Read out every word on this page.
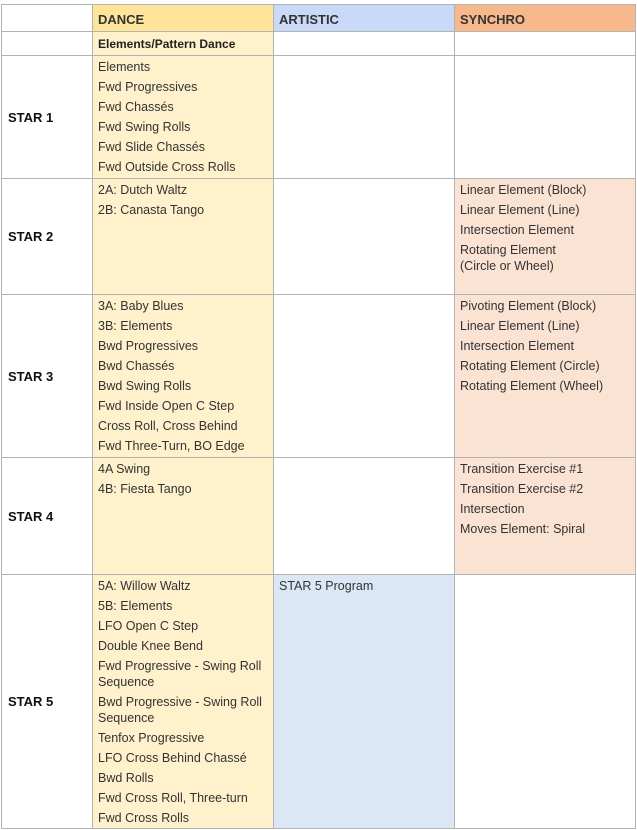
DANCE	ARTISTIC	SYNCHRO
Elements/Pattern Dance
STAR 1
Elements
Fwd Progressives
Fwd Chassés
Fwd Swing Rolls
Fwd Slide Chassés
Fwd Outside Cross Rolls
STAR 2
2A: Dutch Waltz
2B: Canasta Tango
Linear Element (Block)
Linear Element (Line)
Intersection Element
Rotating Element (Circle or Wheel)
STAR 3
3A: Baby Blues
3B: Elements
Bwd Progressives
Bwd Chassés
Bwd Swing Rolls
Fwd Inside Open C Step
Cross Roll, Cross Behind
Fwd Three-Turn, BO Edge
Pivoting Element (Block)
Linear Element (Line)
Intersection Element
Rotating Element (Circle)
Rotating Element (Wheel)
STAR 4
4A Swing
4B: Fiesta Tango
Transition Exercise #1
Transition Exercise #2
Intersection
Moves Element: Spiral
STAR 5
5A: Willow Waltz
5B: Elements
LFO Open C Step
Double Knee Bend
Fwd Progressive - Swing Roll Sequence
Bwd Progressive - Swing Roll Sequence
Tenfox Progressive
LFO Cross Behind Chassé
Bwd Rolls
Fwd Cross Roll, Three-turn
Fwd Cross Rolls
STAR 5 Program
